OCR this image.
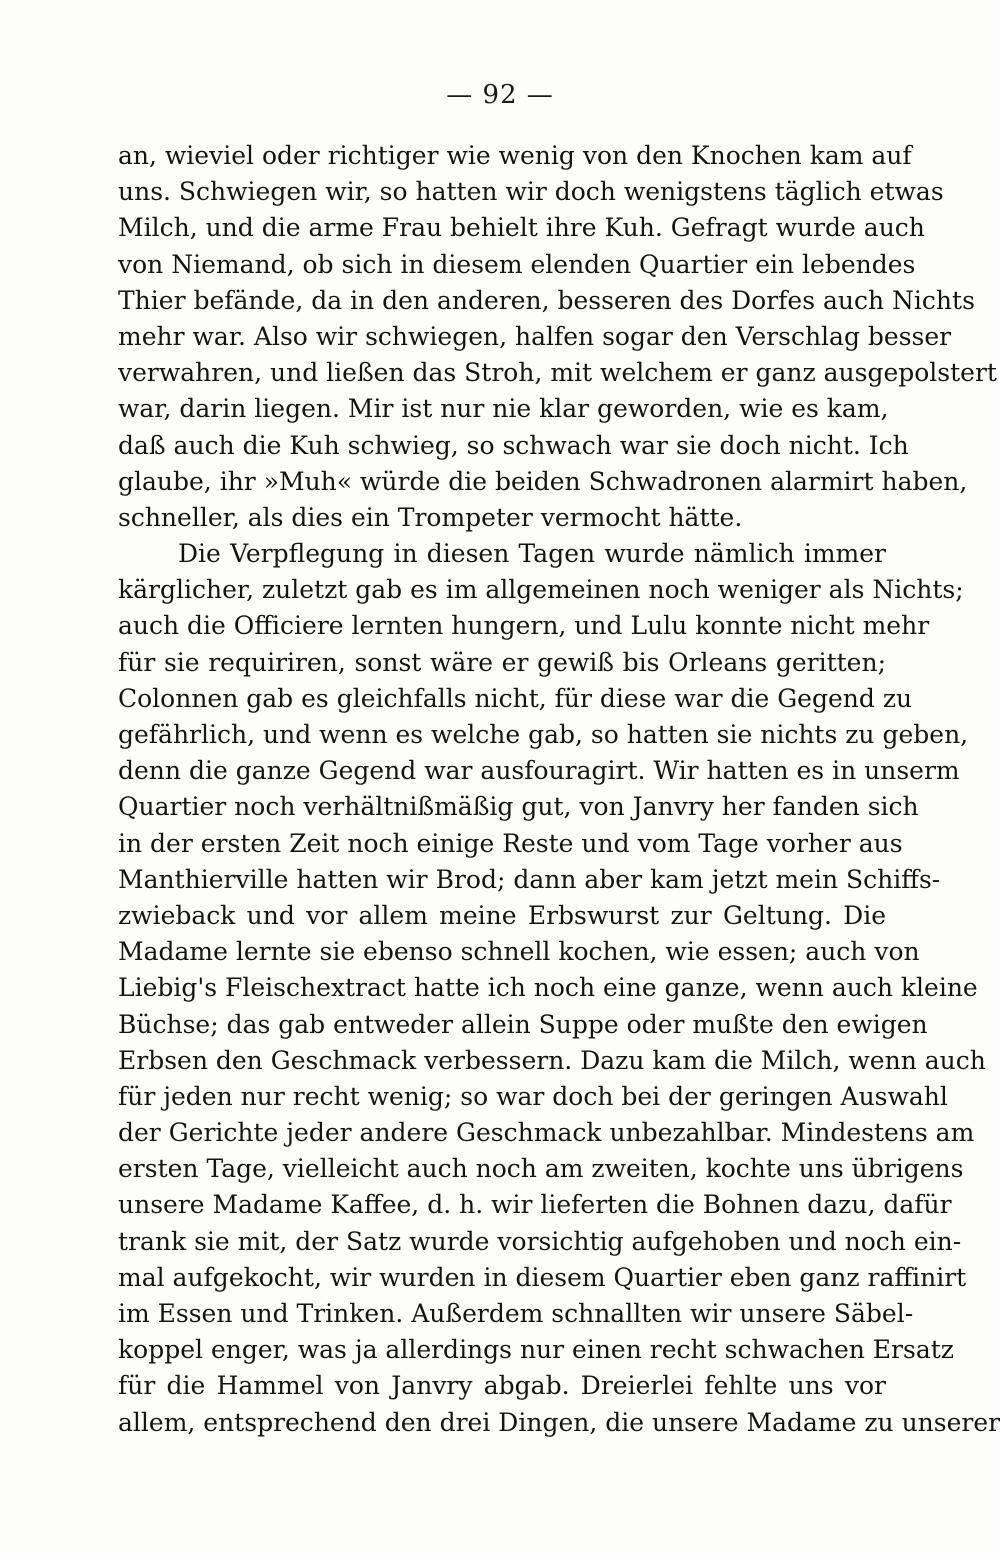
— 92 —
an, wieviel oder richtiger wie wenig von den Knochen kam auf
uns. Schwiegen wir, so hatten wir doch wenigstens täglich etwas
Milch, und die arme Frau behielt ihre Kuh. Gefragt wurde auch
von Niemand, ob sich in diesem elenden Quartier ein lebendes
Thier befände, da in den anderen, besseren des Dorfes auch Nichts
mehr war. Also wir schwiegen, halfen sogar den Verschlag besser
verwahren, und ließen das Stroh, mit welchem er ganz ausgepolstert
war, darin liegen. Mir ist nur nie klar geworden, wie es kam,
daß auch die Kuh schwieg, so schwach war sie doch nicht. Ich
glaube, ihr »Muh« würde die beiden Schwadronen alarmirt haben,
schneller, als dies ein Trompeter vermocht hätte.
Die Verpflegung in diesen Tagen wurde nämlich immer
kärglicher, zuletzt gab es im allgemeinen noch weniger als Nichts;
auch die Officiere lernten hungern, und Lulu konnte nicht mehr
für sie requiriren, sonst wäre er gewiß bis Orleans geritten;
Colonnen gab es gleichfalls nicht, für diese war die Gegend zu
gefährlich, und wenn es welche gab, so hatten sie nichts zu geben,
denn die ganze Gegend war ausfouragirt. Wir hatten es in unserm
Quartier noch verhältnißmäßig gut, von Janvry her fanden sich
in der ersten Zeit noch einige Reste und vom Tage vorher aus
Manthierville hatten wir Brod; dann aber kam jetzt mein Schiffs-
zwieback und vor allem meine Erbswurst zur Geltung. Die
Madame lernte sie ebenso schnell kochen, wie essen; auch von
Liebig's Fleischextract hatte ich noch eine ganze, wenn auch kleine
Büchse; das gab entweder allein Suppe oder mußte den ewigen
Erbsen den Geschmack verbessern. Dazu kam die Milch, wenn auch
für jeden nur recht wenig; so war doch bei der geringen Auswahl
der Gerichte jeder andere Geschmack unbezahlbar. Mindestens am
ersten Tage, vielleicht auch noch am zweiten, kochte uns übrigens
unsere Madame Kaffee, d. h. wir lieferten die Bohnen dazu, dafür
trank sie mit, der Satz wurde vorsichtig aufgehoben und noch ein-
mal aufgekocht, wir wurden in diesem Quartier eben ganz raffinirt
im Essen und Trinken. Außerdem schnallten wir unsere Säbel-
koppel enger, was ja allerdings nur einen recht schwachen Ersatz
für die Hammel von Janvry abgab. Dreierlei fehlte uns vor
allem, entsprechend den drei Dingen, die unsere Madame zu unserer
